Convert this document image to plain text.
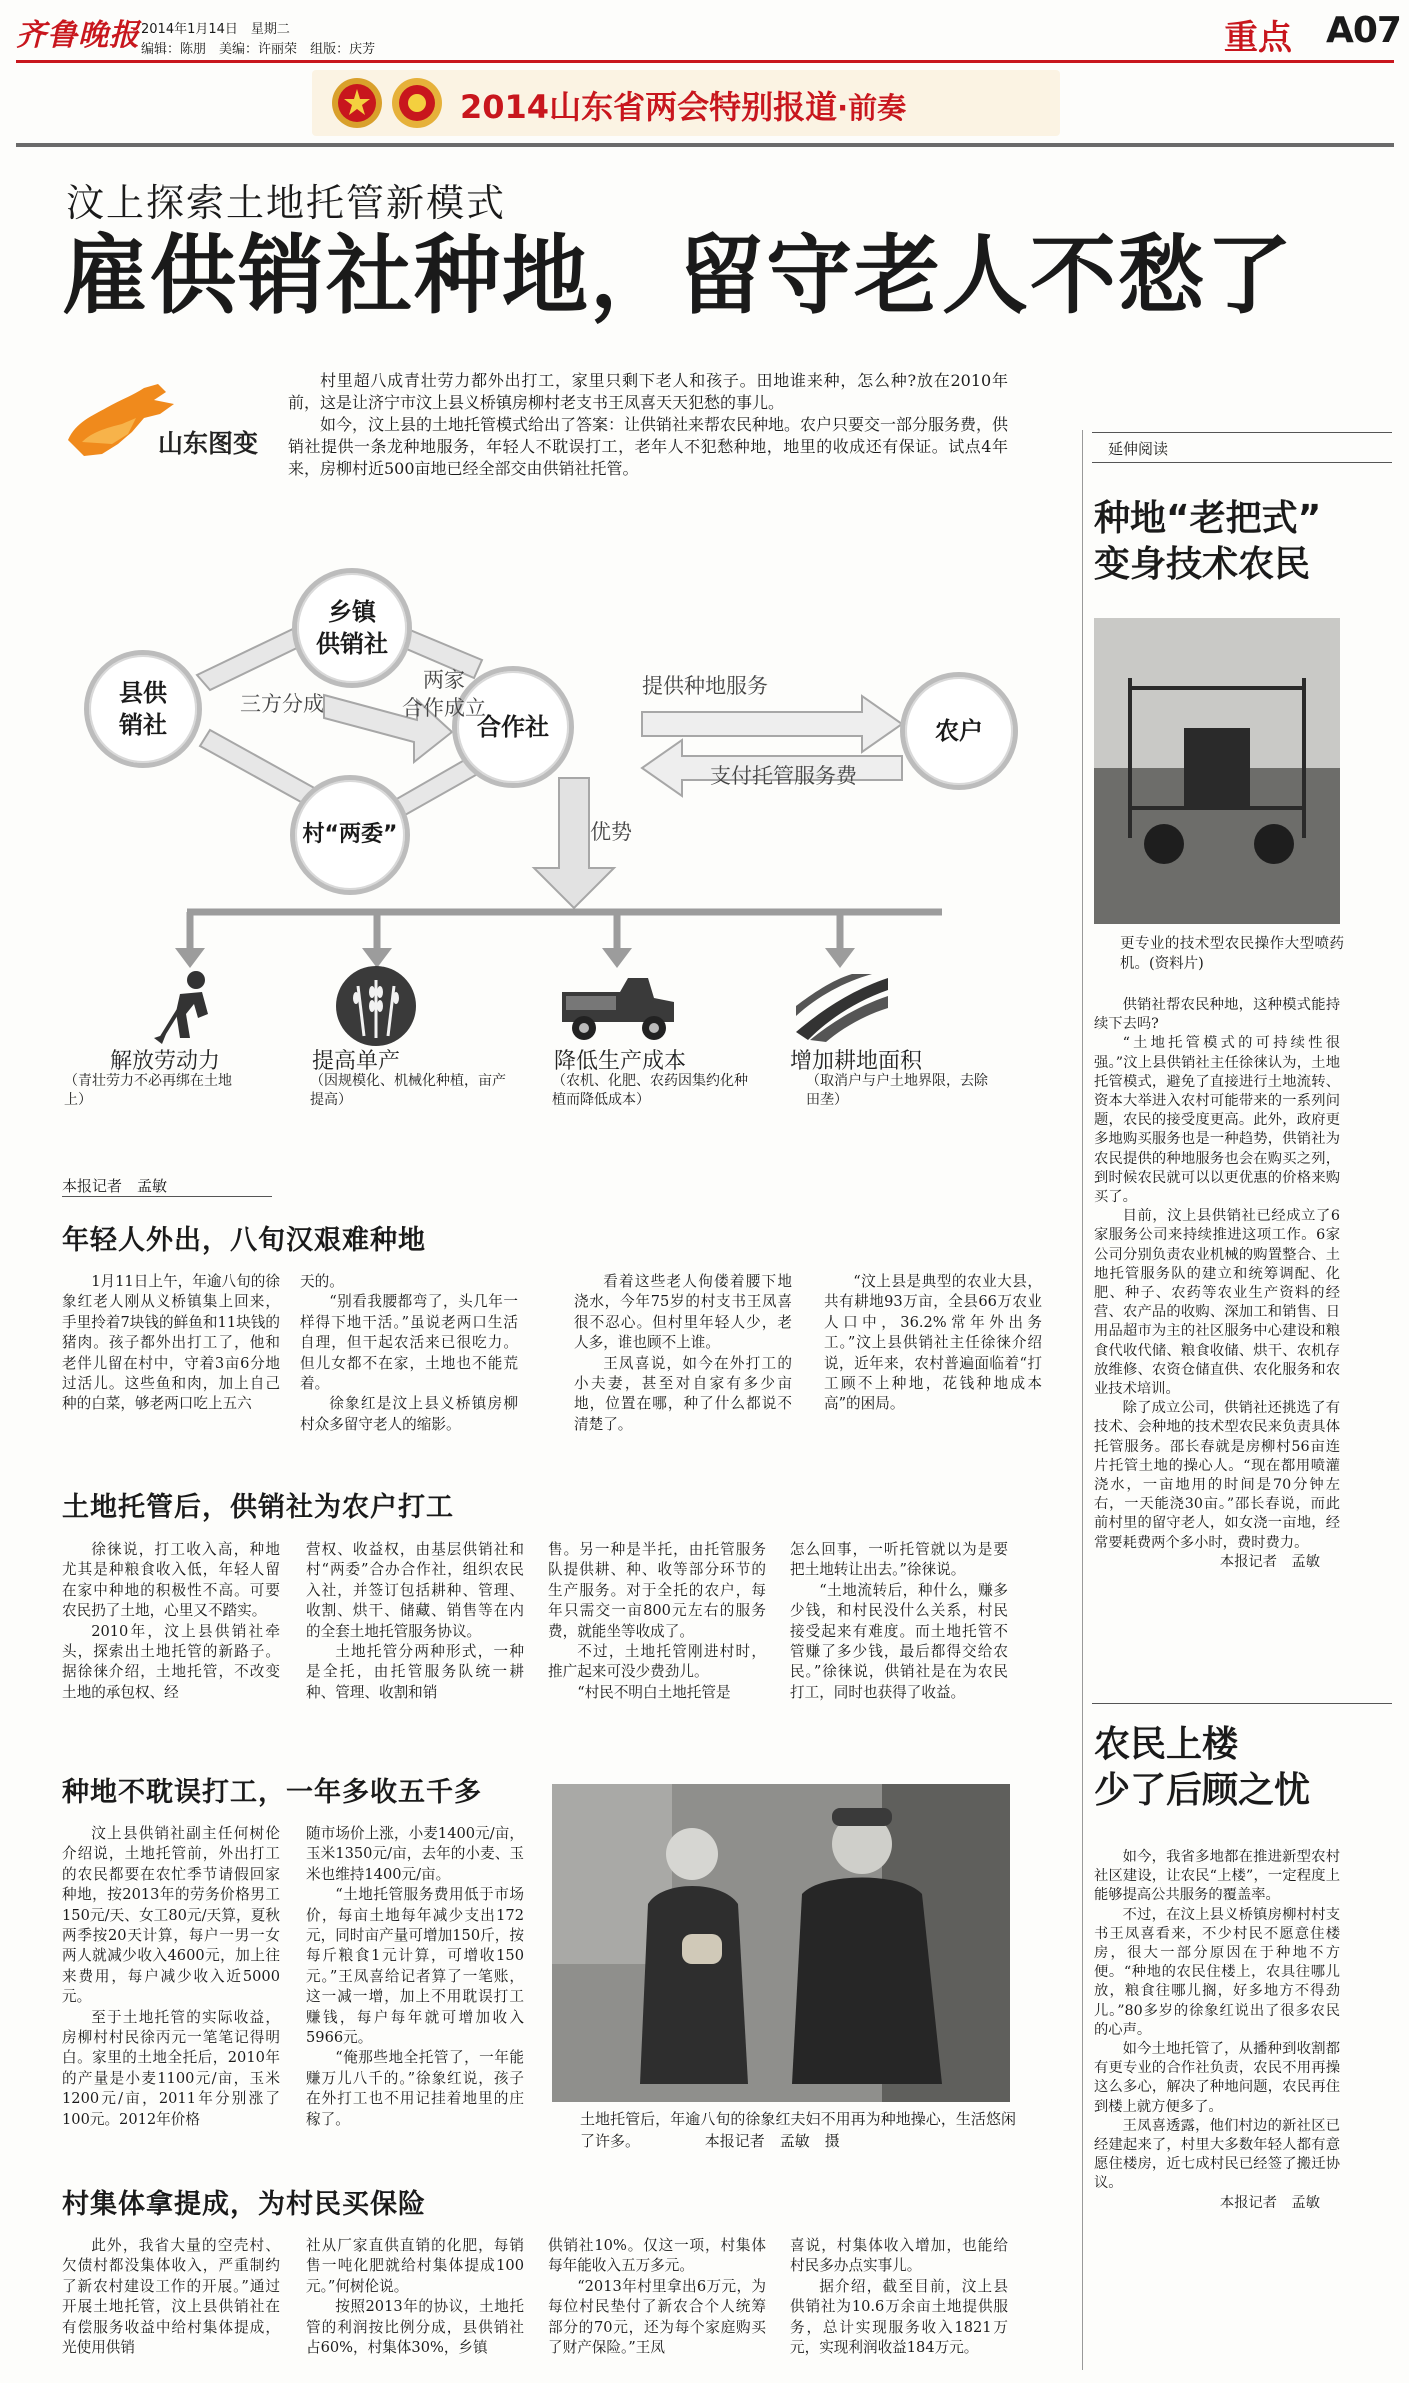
齐鲁晚报 2014年1月14日　 星期二
编辑：陈朋　 美编：许丽荣　 组版：庆芳	重点 A07
2014山东省两会特别报道·前奏
汶上探索土地托管新模式
雇供销社种地，留守老人不愁了
山东图变

村里超八成青壮劳力都外出打工，家里只剩下老人和孩子。田地谁来种，怎么种?放在2010年前，这是让济宁市汶上县义桥镇房柳村老支书王凤喜天天犯愁的事儿。

如今，汶上县的土地托管模式给出了答案：让供销社来帮农民种地。农户只要交一部分服务费，供销社提供一条龙种地服务，年轻人不耽误打工，老年人不犯愁种地，地里的收成还有保证。试点4年来，房柳村近500亩地已经全部交由供销社托管。

乡镇
供销社
县供
销社	合作社
村“两委”
农户
三方分成
两家
合作成立
提供种地服务
支付托管服务费
优势
解放劳动力
（青壮劳力不必再绑在土地上）
提高单产
（因规模化、机械化种植，亩产提高）
降低生产成本
（农机、化肥、农药因集约化种植而降低成本）
增加耕地面积
（取消户与户土地界限，去除田垄）
本报记者　孟敏
年轻人外出，八旬汉艰难种地

1月11日上午，年逾八旬的徐象红老人刚从义桥镇集上回来，手里拎着7块钱的鲜鱼和11块钱的猪肉。孩子都外出打工了，他和老伴儿留在村中，守着3亩6分地过活儿。这些鱼和肉，加上自己种的白菜，够老两口吃上五六

天的。

“别看我腰都弯了，头几年一样得下地干活。”虽说老两口生活自理，但干起农活来已很吃力。但儿女都不在家，土地也不能荒着。

徐象红是汶上县义桥镇房柳村众多留守老人的缩影。

看着这些老人佝偻着腰下地浇水，今年75岁的村支书王凤喜很不忍心。但村里年轻人少，老人多，谁也顾不上谁。

王凤喜说，如今在外打工的小夫妻，甚至对自家有多少亩地，位置在哪，种了什么都说不清楚了。

“汶上县是典型的农业大县，共有耕地93万亩，全县66万农业人口中，36.2%常年外出务工。”汶上县供销社主任徐徕介绍说，近年来，农村普遍面临着“打工顾不上种地，花钱种地成本高”的困局。

土地托管后，供销社为农户打工

徐徕说，打工收入高，种地尤其是种粮食收入低，年轻人留在家中种地的积极性不高。可要农民扔了土地，心里又不踏实。

2010年，汶上县供销社牵头，探索出土地托管的新路子。据徐徕介绍，土地托管，不改变土地的承包权、经

营权、收益权，由基层供销社和村“两委”合办合作社，组织农民入社，并签订包括耕种、管理、收割、烘干、储藏、销售等在内的全套土地托管服务协议。

土地托管分两种形式，一种是全托，由托管服务队统一耕种、管理、收割和销

售。另一种是半托，由托管服务队提供耕、种、收等部分环节的生产服务。对于全托的农户，每年只需交一亩800元左右的服务费，就能坐等收成了。

不过，土地托管刚进村时，推广起来可没少费劲儿。

“村民不明白土地托管是

怎么回事，一听托管就以为是要把土地转让出去。”徐徕说。

“土地流转后，种什么，赚多少钱，和村民没什么关系，村民接受起来有难度。而土地托管不管赚了多少钱，最后都得交给农民。”徐徕说，供销社是在为农民打工，同时也获得了收益。

种地不耽误打工，一年多收五千多

汶上县供销社副主任何树伦介绍说，土地托管前，外出打工的农民都要在农忙季节请假回家种地，按2013年的劳务价格男工150元/天、女工80元/天算，夏秋两季按20天计算，每户一男一女两人就减少收入4600元，加上往来费用，每户减少收入近5000元。

至于土地托管的实际收益，房柳村村民徐丙元一笔笔记得明白。家里的土地全托后，2010年的产量是小麦1100元/亩，玉米1200元/亩，2011年分别涨了100元。2012年价格

随市场价上涨，小麦1400元/亩，玉米1350元/亩，去年的小麦、玉米也维持1400元/亩。

“土地托管服务费用低于市场价，每亩土地每年减少支出172元，同时亩产量可增加150斤，按每斤粮食1元计算，可增收150元。”王凤喜给记者算了一笔账，这一减一增，加上不用耽误打工赚钱，每户每年就可增加收入5966元。

“俺那些地全托管了，一年能赚万儿八千的。”徐象红说，孩子在外打工也不用记挂着地里的庄稼了。	土地托管后，年逾八旬的徐象红夫妇不用再为种地操心，生活悠闲了许多。	本报记者　孟敏　摄
村集体拿提成，为村民买保险

此外，我省大量的空壳村、欠债村都没集体收入，严重制约了新农村建设工作的开展。”通过开展土地托管，汶上县供销社在有偿服务收益中给村集体提成，光使用供销

社从厂家直供直销的化肥，每销售一吨化肥就给村集体提成100元。”何树伦说。

按照2013年的协议，土地托管的利润按比例分成，县供销社占60%，村集体30%，乡镇

供销社10%。仅这一项，村集体每年能收入五万多元。

“2013年村里拿出6万元，为每位村民垫付了新农合个人统筹部分的70元，还为每个家庭购买了财产保险。”王凤

喜说，村集体收入增加，也能给村民多办点实事儿。

据介绍，截至目前，汶上县供销社为10.6万余亩土地提供服务，总计实现服务收入1821万元，实现利润收益184万元。

延伸阅读
种地“老把式”
变身技术农民
更专业的技术型农民操作大型喷药机。(资料片)

供销社帮农民种地，这种模式能持续下去吗?

“土地托管模式的可持续性很强。”汶上县供销社主任徐徕认为，土地托管模式，避免了直接进行土地流转、资本大举进入农村可能带来的一系列问题，农民的接受度更高。此外，政府更多地购买服务也是一种趋势，供销社为农民提供的种地服务也会在购买之列，到时候农民就可以以更优惠的价格来购买了。

目前，汶上县供销社已经成立了6家服务公司来持续推进这项工作。6家公司分别负责农业机械的购置整合、土地托管服务队的建立和统筹调配、化肥、种子、农药等农业生产资料的经营、农产品的收购、深加工和销售、日用品超市为主的社区服务中心建设和粮食代收代储、粮食收储、烘干、农机存放维修、农资仓储直供、农化服务和农业技术培训。

除了成立公司，供销社还挑选了有技术、会种地的技术型农民来负责具体托管服务。邵长春就是房柳村56亩连片托管土地的操心人。“现在都用喷灌浇水，一亩地用的时间是70分钟左右，一天能浇30亩。”邵长春说，而此前村里的留守老人，如女浇一亩地，经常要耗费两个多小时，费时费力。

本报记者　孟敏
农民上楼
少了后顾之忧

如今，我省多地都在推进新型农村社区建设，让农民“上楼”，一定程度上能够提高公共服务的覆盖率。

不过，在汶上县义桥镇房柳村村支书王凤喜看来，不少村民不愿意住楼房，很大一部分原因在于种地不方便。“种地的农民住楼上，农具往哪儿放，粮食往哪儿搁，好多地方不得劲儿。”80多岁的徐象红说出了很多农民的心声。

如今土地托管了，从播种到收割都有更专业的合作社负责，农民不用再操这么多心，解决了种地问题，农民再住到楼上就方便多了。

王凤喜透露，他们村边的新社区已经建起来了，村里大多数年轻人都有意愿住楼房，近七成村民已经签了搬迁协议。

本报记者　孟敏
